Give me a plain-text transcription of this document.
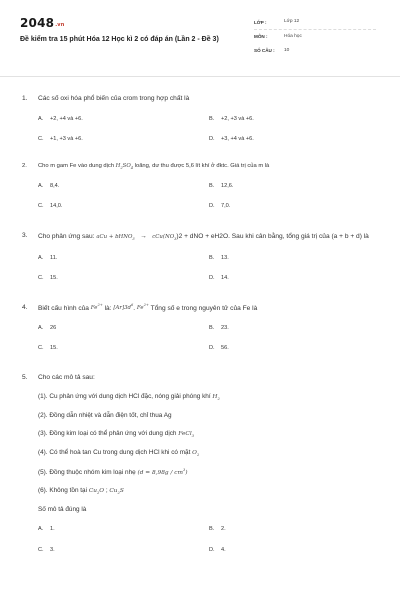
2048.vn
Đề kiểm tra 15 phút Hóa 12 Học kì 2 có đáp án (Lần 2 - Đề 3)
LỚP :	Lớp 12
MÔN :	Hóa học
SỐ CÂU :	10
1.	Các số oxi hóa phổ biến của crom trong hợp chất là
A.	+2, +4 và +6.	B.	+2, +3 và +6.
C.	+1, +3 và +6.	D.	+3, +4 và +6.
2.	Cho m gam Fe vào dung dịch $H_2SO_4$ loãng, dư thu được 5,6 lít khí ở đktc. Giá trị của m là
A.	8,4.	B.	12,6.
C.	14,0.	D.	7,0.
3.	Cho phản ứng sau: aCu + bHNO$_3$ → $cCu(NO_3)2$ + dNO + eH2O. Sau khi cân bằng, tổng giá trị của (a + b + d) là
A.	11.	B.	13.
C.	15.	D.	14.
4.	Biết cấu hình của $Fe^{2+}$ là: $[Ar]3d^6$. $Fe^{2+}$ Tổng số e trong nguyên tử của Fe là
A.	26	B.	23.
C.	15.	D.	56.
5.	Cho các mô tả sau:
(1). Cu phản ứng với dung dịch HCl đặc, nóng giải phóng khí $H_2$
(2). Đồng dẫn nhiệt và dẫn điện tốt, chỉ thua Ag
(3). Đồng kim loại có thể phản ứng với dung dịch FeCl$_3$
(4). Có thể hoà tan Cu trong dung dịch HCl khi có mặt $O_2$
(5). Đồng thuộc nhóm kim loại nhẹ $(d = 8,98g / cm^3)$
(6). Không tồn tại $Cu_2O$ ; $Cu_2S$
Số mô tả đúng là
A.	1.	B.	2.
C.	3.	D.	4.
